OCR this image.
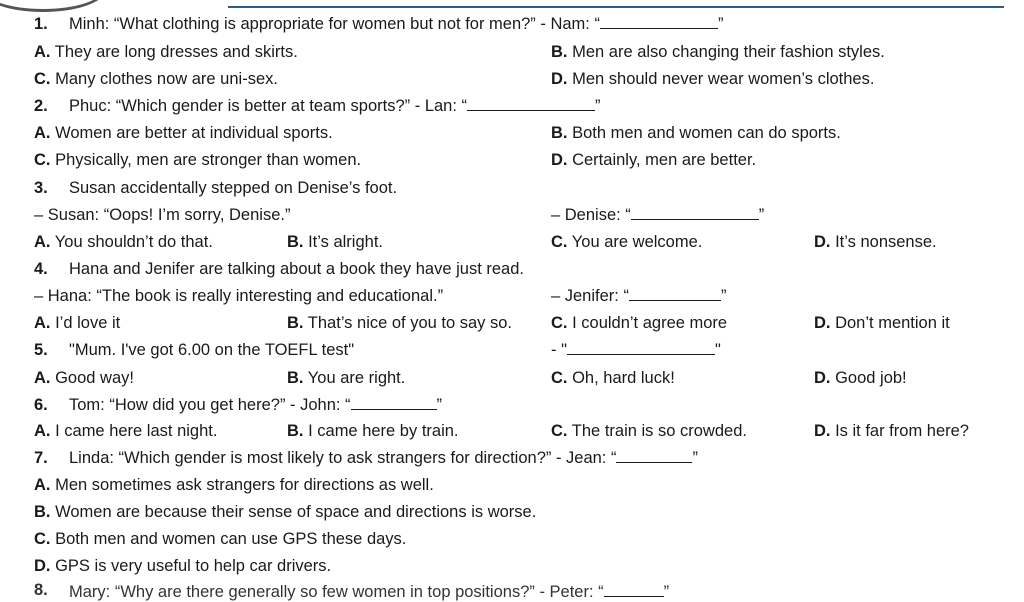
1. Minh: “What clothing is appropriate for women but not for men?” - Nam: “	”
A. They are long dresses and skirts.	B. Men are also changing their fashion styles.
C. Many clothes now are uni-sex.	D. Men should never wear women’s clothes.
2. Phuc: “Which gender is better at team sports?” - Lan: “	”
A. Women are better at individual sports.	B. Both men and women can do sports.
C. Physically, men are stronger than women.	D. Certainly, men are better.
3. Susan accidentally stepped on Denise’s foot.
– Susan: “Oops! I’m sorry, Denise.”	– Denise: “	”
A. You shouldn’t do that.	B. It’s alright.	C. You are welcome.	D. It’s nonsense.
4. Hana and Jenifer are talking about a book they have just read.
– Hana: “The book is really interesting and educational.”	– Jenifer: “	”
A. I’d love it	B. That’s nice of you to say so. C. I couldn’t agree more	D. Don’t mention it
5. "Mum. I've got 6.00 on the TOEFL test"	- "	"
A. Good way!	B. You are right.	C. Oh, hard luck!	D. Good job!
6. Tom: “How did you get here?” - John: “	”
A. I came here last night.	B. I came here by train.	C. The train is so crowded.	D. Is it far from here?
7. Linda: “Which gender is most likely to ask strangers for direction?” - Jean: “	”
A. Men sometimes ask strangers for directions as well.
B. Women are because their sense of space and directions is worse.
C. Both men and women can use GPS these days.
D. GPS is very useful to help car drivers.
8. Mary: “Why are there generally so few women in top positions?” - Peter: “	”
